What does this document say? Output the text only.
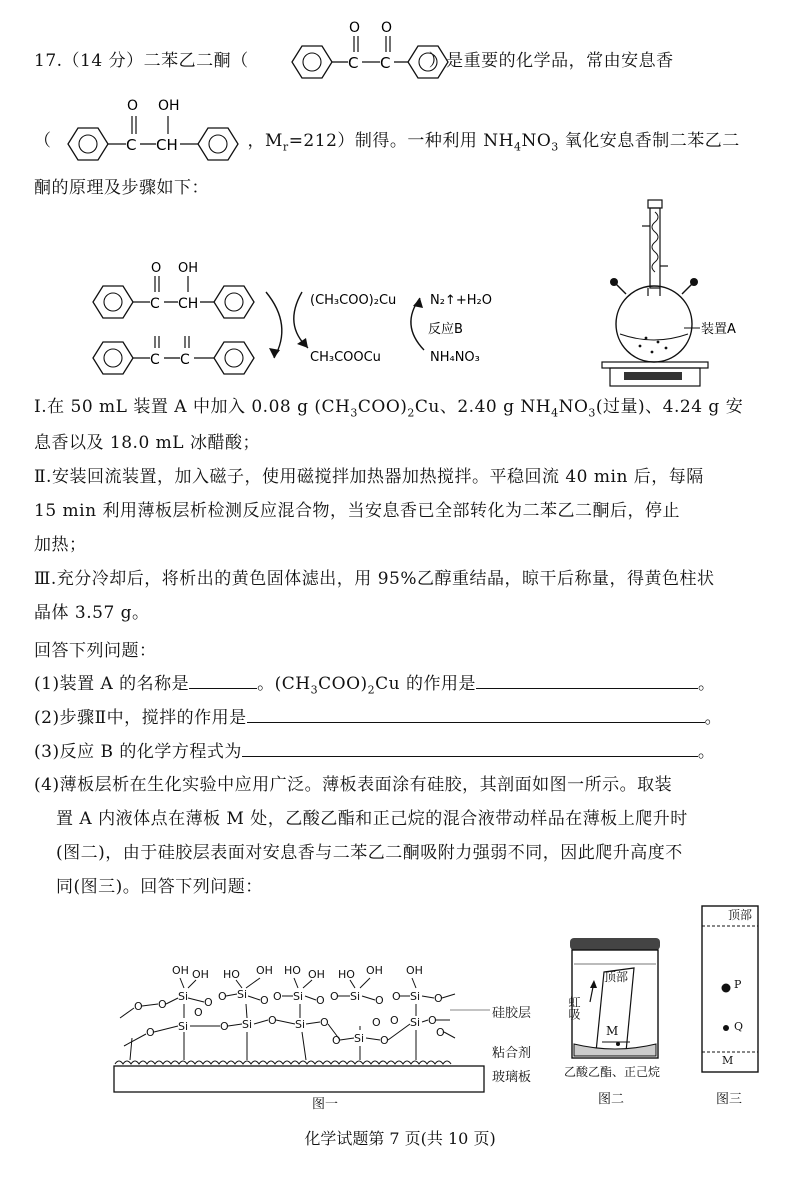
17.（14 分）二苯乙二酮（	）是重要的化学品，常由安息香
C
O
C
O
（	，$M_r=212$）制得。一种利用 $NH_4NO_3$ 氧化安息香制二苯乙二
C
O
CH
OH
酮的原理及步骤如下：
C
O
CH
OH
C C
(CH₃COO)₂Cu
CH₃COOCu
N₂↑+H₂O
反应B
NH₄NO₃
装置A
Ⅰ.在 50 mL 装置 A 中加入 0.08 g $(CH_3COO)_2Cu$、2.40 g $NH_4NO_3$(过量)、4.24 g 安
息香以及 18.0 mL 冰醋酸；
Ⅱ.安装回流装置，加入磁子，使用磁搅拌加热器加热搅拌。平稳回流 40 min 后，每隔
15 min 利用薄板层析检测反应混合物，当安息香已全部转化为二苯乙二酮后，停止
加热；
Ⅲ.充分冷却后，将析出的黄色固体滤出，用 95%乙醇重结晶，晾干后称量，得黄色柱状
晶体 3.57 g。
回答下列问题：
(1)装置 A 的名称是	。$(CH_3COO)_2Cu$ 的作用是	。
(2)步骤Ⅱ中，搅拌的作用是	。
(3)反应 B 的化学方程式为	。
(4)薄板层析在生化实验中应用广泛。薄板表面涂有硅胶，其剖面如图一所示。取装
置 A 内液体点在薄板 M 处，乙酸乙酯和正己烷的混合液带动样品在薄板上爬升时
(图二)，由于硅胶层表面对安息香与二苯乙二酮吸附力强弱不同，因此爬升高度不
同(图三)。回答下列问题：
Si	Si	Si	Si	Si
Si	Si	Si	Si
Si
OH OH HO OH HO OH HO OH OH
O O	O O	O O	O O	O O	O
O
O
O	O	O	O O	O
O
O	O
硅胶层
粘合剂
玻璃板
图一
顶部
虹吸
M
乙酸乙酯、正己烷
图二
顶部
P
Q
M
图三
化学试题第 7 页(共 10 页)
